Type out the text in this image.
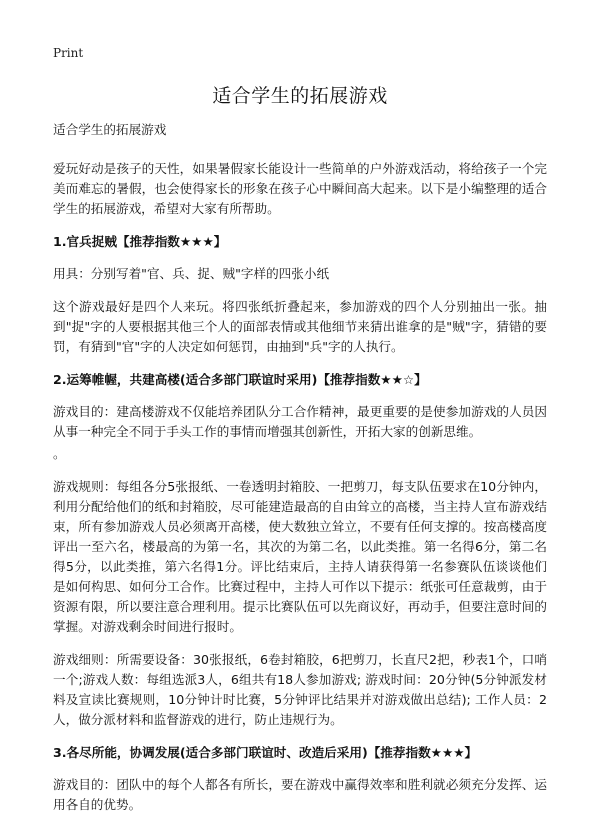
Print
适合学生的拓展游戏
适合学生的拓展游戏
爱玩好动是孩子的天性，如果暑假家长能设计一些简单的户外游戏活动，将给孩子一个完美而难忘的暑假，也会使得家长的形象在孩子心中瞬间高大起来。以下是小编整理的适合学生的拓展游戏，希望对大家有所帮助。
1.官兵捉贼【推荐指数★★★】
用具：分别写着"官、兵、捉、贼"字样的四张小纸
这个游戏最好是四个人来玩。将四张纸折叠起来，参加游戏的四个人分别抽出一张。抽到"捉"字的人要根据其他三个人的面部表情或其他细节来猜出谁拿的是"贼"字，猜错的要罚，有猜到"官"字的人决定如何惩罚，由抽到"兵"字的人执行。
2.运筹帷幄，共建高楼(适合多部门联谊时采用)【推荐指数★★☆】
游戏目的：建高楼游戏不仅能培养团队分工合作精神，最更重要的是使参加游戏的人员因从事一种完全不同于手头工作的事情而增强其创新性，开拓大家的创新思维。
。
游戏规则：每组各分5张报纸、一卷透明封箱胶、一把剪刀，每支队伍要求在10分钟内，利用分配给他们的纸和封箱胶，尽可能建造最高的自由耸立的高楼，当主持人宣布游戏结束，所有参加游戏人员必须离开高楼，使大数独立耸立，不要有任何支撑的。按高楼高度评出一至六名，楼最高的为第一名，其次的为第二名，以此类推。第一名得6分，第二名得5分，以此类推，第六名得1分。评比结束后，主持人请获得第一名参赛队伍谈谈他们是如何构思、如何分工合作。比赛过程中，主持人可作以下提示：纸张可任意裁剪，由于资源有限，所以要注意合理利用。提示比赛队伍可以先商议好，再动手，但要注意时间的掌握。对游戏剩余时间进行报时。
游戏细则：所需要设备：30张报纸，6卷封箱胶，6把剪刀，长直尺2把，秒表1个，口哨一个;游戏人数：每组选派3人，6组共有18人参加游戏; 游戏时间：20分钟(5分钟派发材料及宣读比赛规则，10分钟计时比赛，5分钟评比结果并对游戏做出总结); 工作人员：2人，做分派材料和监督游戏的进行，防止违规行为。
3.各尽所能，协调发展(适合多部门联谊时、改造后采用)【推荐指数★★★】
游戏目的：团队中的每个人都各有所长，要在游戏中赢得效率和胜利就必须充分发挥、运用各自的优势。
